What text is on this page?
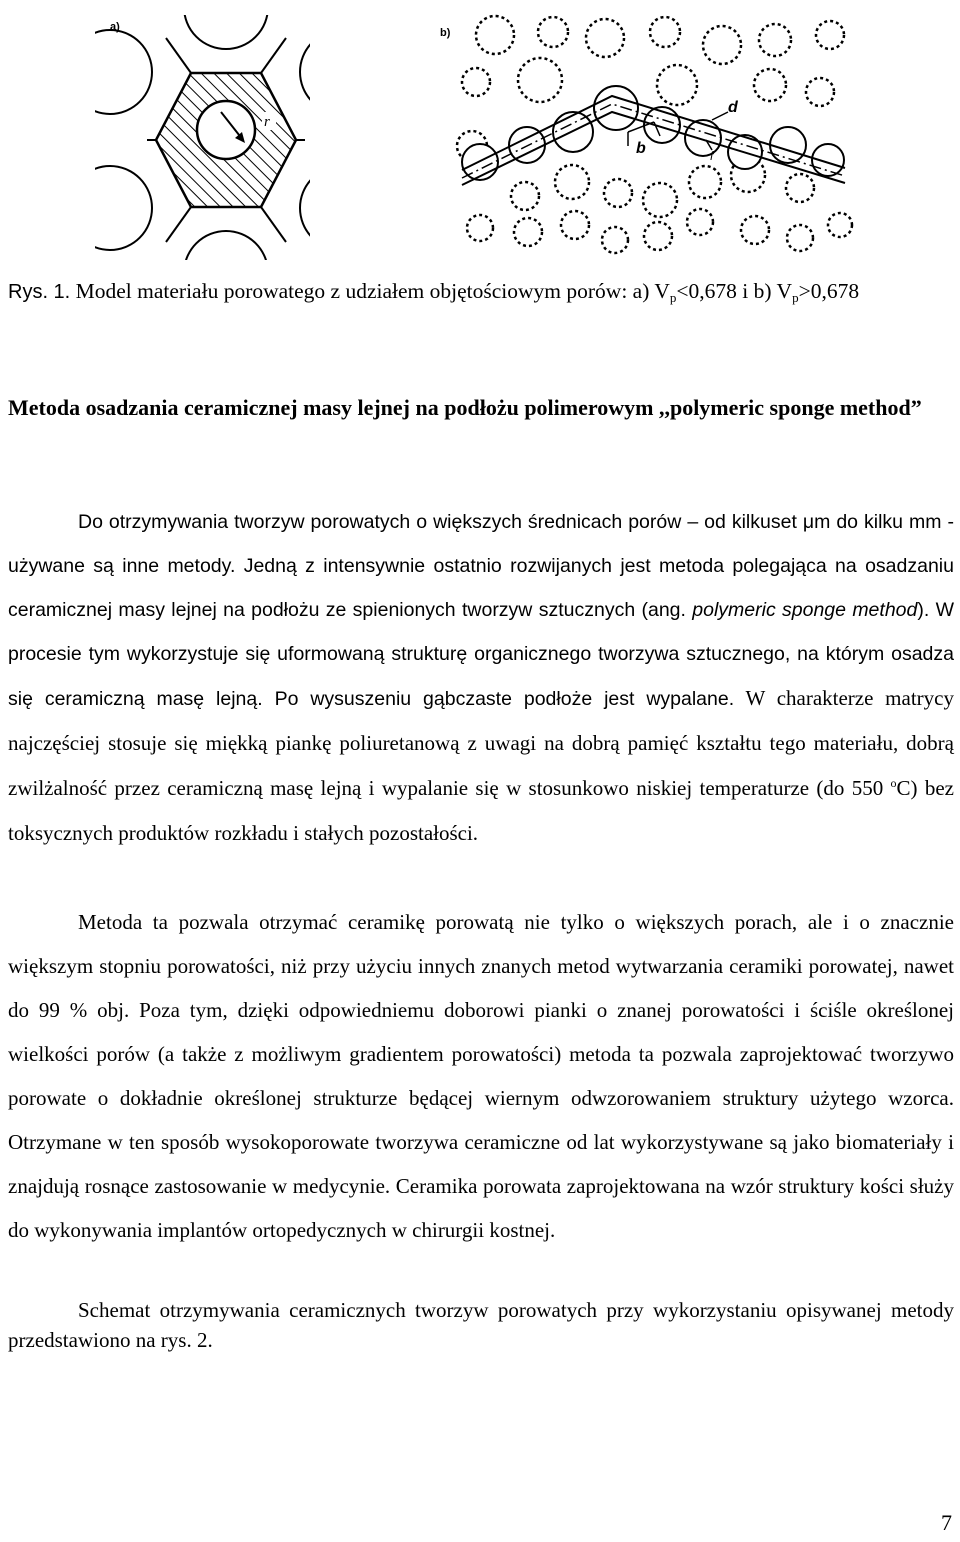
a)
r
b)
d
b	f
Rys. 1. Model materiału porowatego z udziałem objętościowym porów: a) $V_p<0,678$ i b) $V_p>0,678$
Metoda osadzania ceramicznej masy lejnej na podłożu polimerowym ,,polymeric sponge method”
Do otrzymywania tworzyw porowatych o większych średnicach porów – od kilkuset μm do kilku mm - używane są inne metody. Jedną z intensywnie ostatnio rozwijanych jest metoda polegająca na osadzaniu ceramicznej masy lejnej na podłożu ze spienionych tworzyw sztucznych (ang. polymeric sponge method). W procesie tym wykorzystuje się uformowaną strukturę organicznego tworzywa sztucznego, na którym osadza się ceramiczną masę lejną. Po wysuszeniu gąbczaste podłoże jest wypalane. W charakterze matrycy najczęściej stosuje się miękką piankę poliuretanową z uwagi na dobrą pamięć kształtu tego materiału, dobrą zwilżalność przez ceramiczną masę lejną i wypalanie się w stosunkowo niskiej temperaturze (do 550 $^o$C) bez toksycznych produktów rozkładu i stałych pozostałości.
Metoda ta pozwala otrzymać ceramikę porowatą nie tylko o większych porach, ale i o znacznie większym stopniu porowatości, niż przy użyciu innych znanych metod wytwarzania ceramiki porowatej, nawet do 99 % obj. Poza tym, dzięki odpowiedniemu doborowi pianki o znanej porowatości i ściśle określonej wielkości porów (a także z możliwym gradientem porowatości) metoda ta pozwala zaprojektować tworzywo porowate o dokładnie określonej strukturze będącej wiernym odwzorowaniem struktury użytego wzorca. Otrzymane w ten sposób wysokoporowate tworzywa ceramiczne od lat wykorzystywane są jako biomateriały i znajdują rosnące zastosowanie w medycynie. Ceramika porowata zaprojektowana na wzór struktury kości służy do wykonywania implantów ortopedycznych w chirurgii kostnej.
Schemat otrzymywania ceramicznych tworzyw porowatych przy wykorzystaniu opisywanej metody przedstawiono na rys. 2.
7
